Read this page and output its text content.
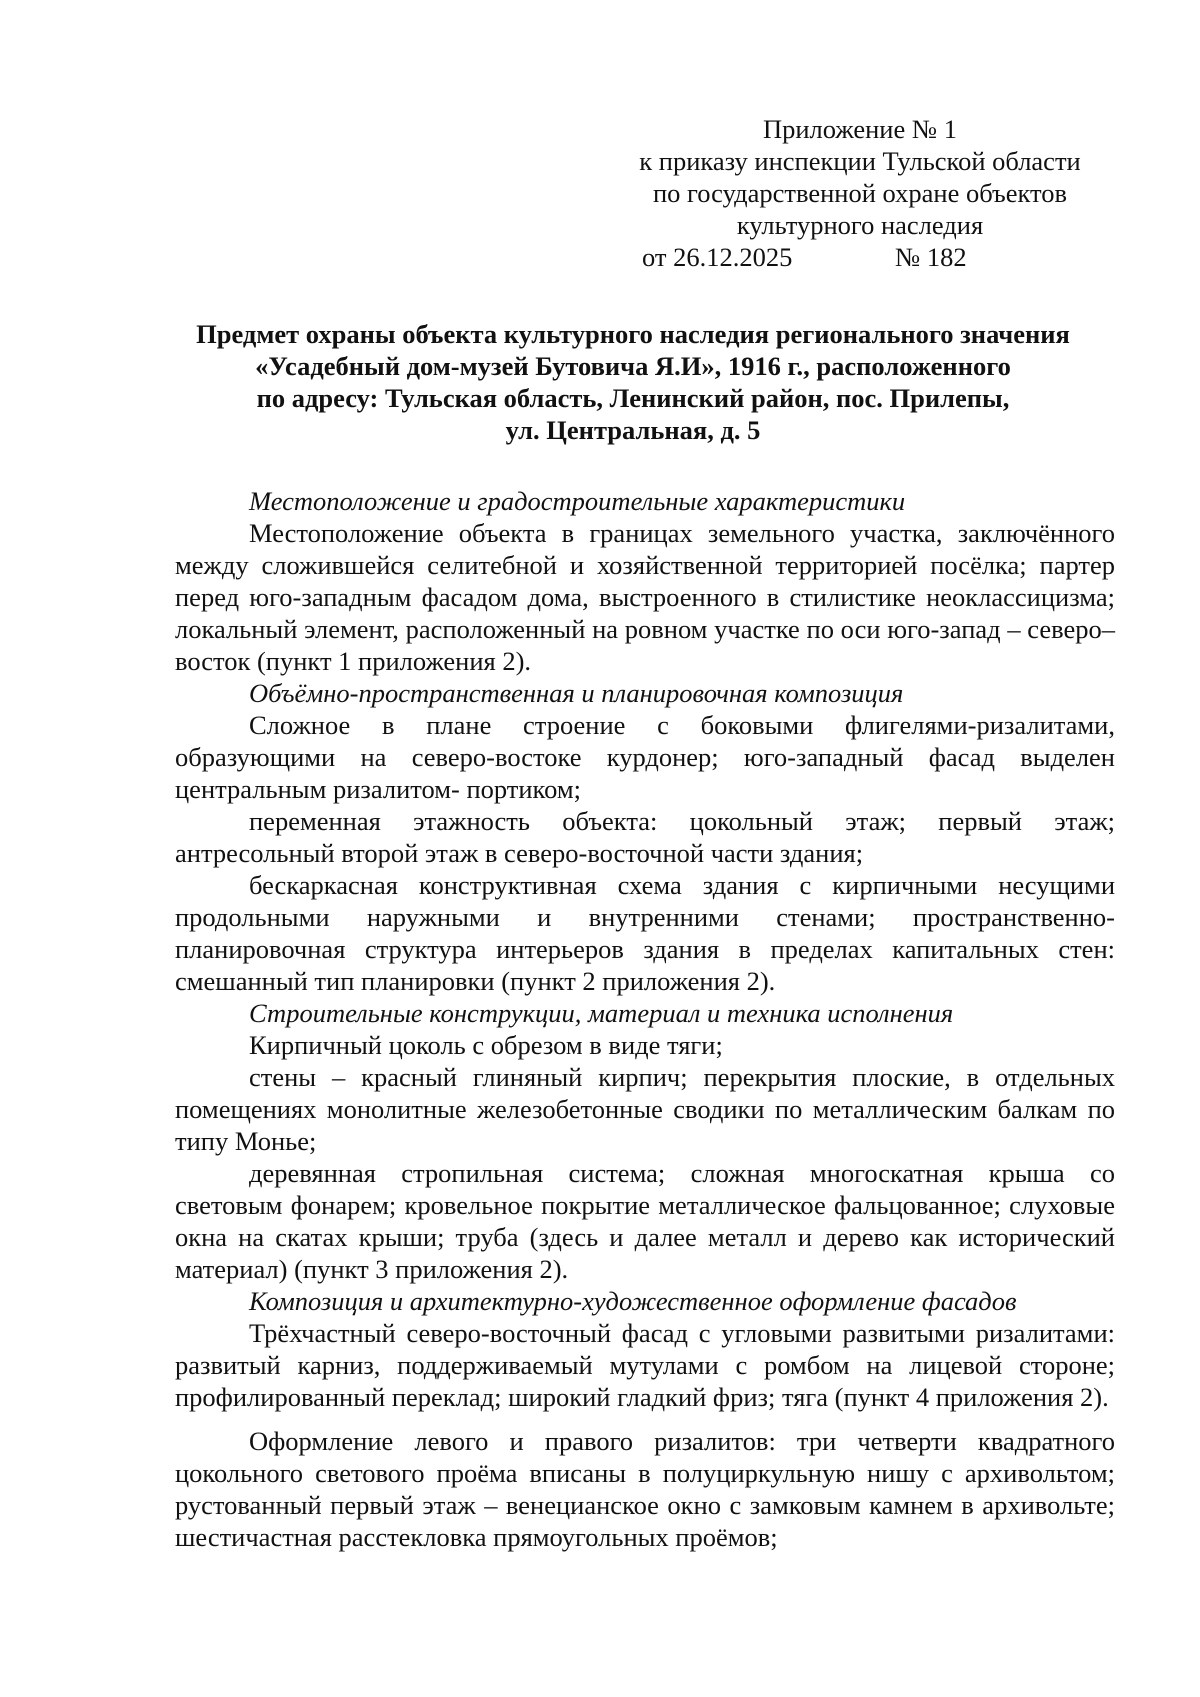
Приложение № 1
к приказу инспекции Тульской области
по государственной охране объектов
культурного наследия
от 26.12.2025	№ 182
Предмет охраны объекта культурного наследия регионального значения
«Усадебный дом-музей Бутовича Я.И», 1916 г., расположенного
по адресу: Тульская область, Ленинский район, пос. Прилепы,
ул. Центральная, д. 5

Местоположение и градостроительные характеристики

Местоположение объекта в границах земельного участка, заключённого между сложившейся селитебной и хозяйственной территорией посёлка; партер перед юго-западным фасадом дома, выстроенного в стилистике неоклассицизма; локальный элемент, расположенный на ровном участке по оси юго-запад – северо–восток (пункт 1 приложения 2).

Объёмно-пространственная и планировочная композиция

Сложное в плане строение с боковыми флигелями-ризалитами, образующими на северо-востоке курдонер; юго-западный фасад выделен центральным ризалитом- портиком;

переменная этажность объекта: цокольный этаж; первый этаж; антресольный второй этаж в северо-восточной части здания;

бескаркасная конструктивная схема здания с кирпичными несущими продольными наружными и внутренними стенами; пространственно-планировочная структура интерьеров здания в пределах капитальных стен: смешанный тип планировки (пункт 2 приложения 2).

Строительные конструкции, материал и техника исполнения

Кирпичный цоколь с обрезом в виде тяги;

стены – красный глиняный кирпич; перекрытия плоские, в отдельных помещениях монолитные железобетонные сводики по металлическим балкам по типу Монье;

деревянная стропильная система; сложная многоскатная крыша со световым фонарем; кровельное покрытие металлическое фальцованное; слуховые окна на скатах крыши; труба (здесь и далее металл и дерево как исторический материал) (пункт 3 приложения 2).

Композиция и архитектурно-художественное оформление фасадов

Трёхчастный северо-восточный фасад с угловыми развитыми ризалитами: развитый карниз, поддерживаемый мутулами с ромбом на лицевой стороне; профилированный переклад; широкий гладкий фриз; тяга (пункт 4 приложения 2).

Оформление левого и правого ризалитов: три четверти квадратного цокольного светового проёма вписаны в полуциркульную нишу с архивольтом; рустованный первый этаж – венецианское окно с замковым камнем в архивольте; шестичастная расстекловка прямоугольных проёмов;
